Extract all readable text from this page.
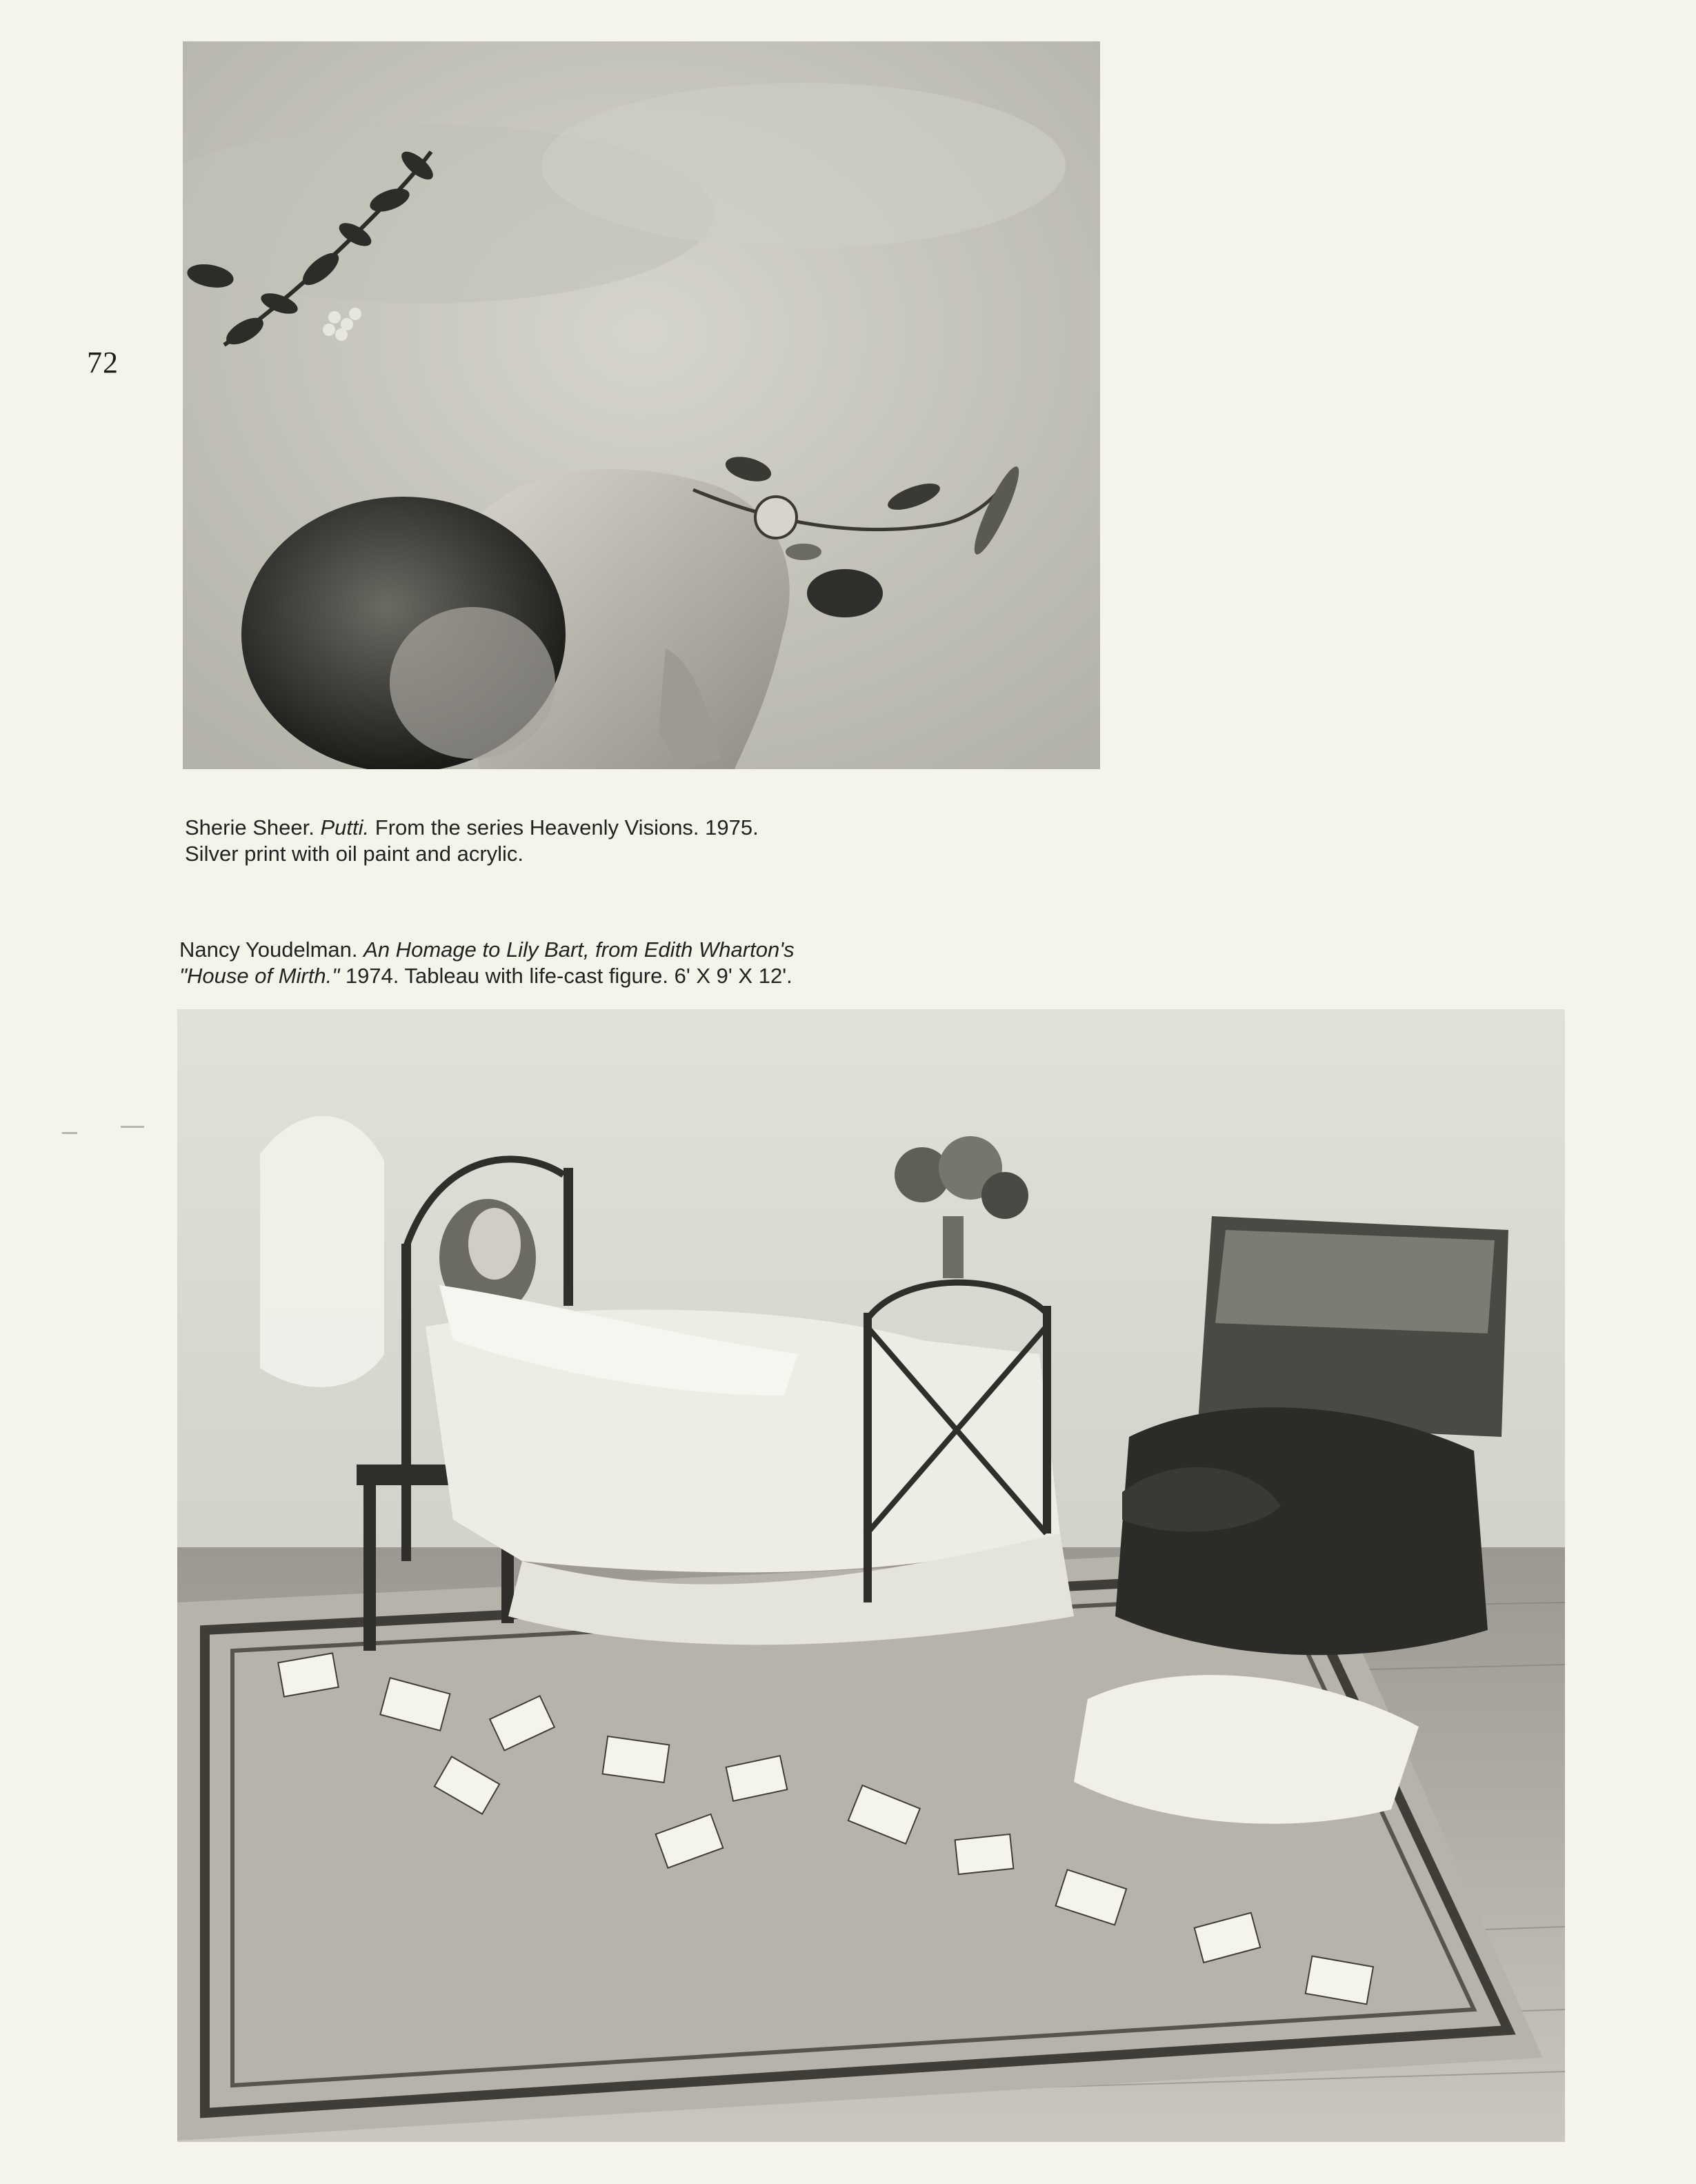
72
Sherie Sheer. Putti. From the series Heavenly Visions. 1975.
Silver print with oil paint and acrylic.
Nancy Youdelman. An Homage to Lily Bart, from Edith Wharton's
"House of Mirth." 1974. Tableau with life-cast figure. 6' X 9' X 12'.
